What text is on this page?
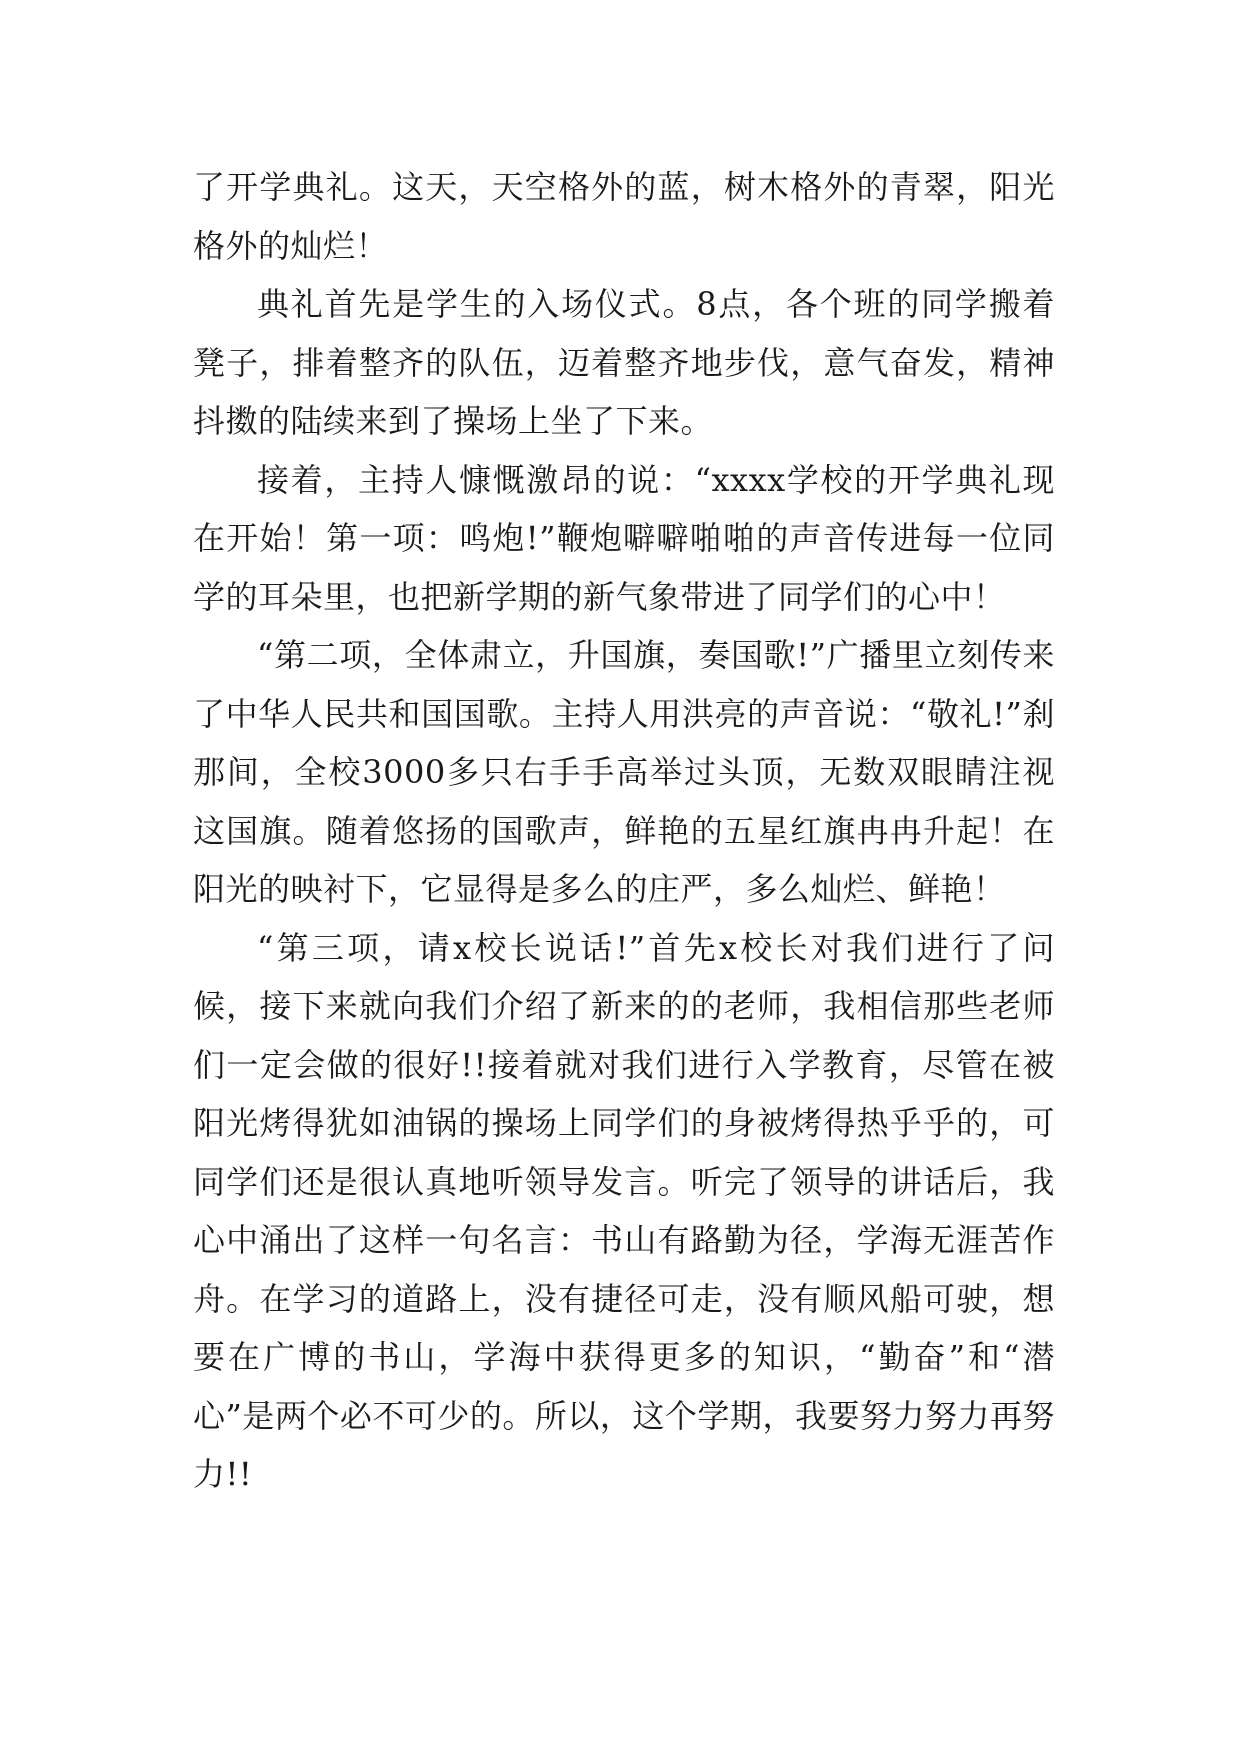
了开学典礼。这天，天空格外的蓝，树木格外的青翠，阳光格外的灿烂！

典礼首先是学生的入场仪式。8点，各个班的同学搬着凳子，排着整齐的队伍，迈着整齐地步伐，意气奋发，精神抖擞的陆续来到了操场上坐了下来。

接着，主持人慷慨激昂的说：“xxxx学校的开学典礼现在开始！第一项：鸣炮!”鞭炮噼噼啪啪的声音传进每一位同学的耳朵里，也把新学期的新气象带进了同学们的心中！

“第二项，全体肃立，升国旗，奏国歌!”广播里立刻传来了中华人民共和国国歌。主持人用洪亮的声音说：“敬礼!”刹那间，全校3000多只右手手高举过头顶，无数双眼睛注视这国旗。随着悠扬的国歌声，鲜艳的五星红旗冉冉升起！在阳光的映衬下，它显得是多么的庄严，多么灿烂、鲜艳！

“第三项，请x校长说话!”首先x校长对我们进行了问候，接下来就向我们介绍了新来的的老师，我相信那些老师们一定会做的很好!!接着就对我们进行入学教育，尽管在被阳光烤得犹如油锅的操场上同学们的身被烤得热乎乎的，可同学们还是很认真地听领导发言。听完了领导的讲话后，我心中涌出了这样一句名言：书山有路勤为径，学海无涯苦作舟。在学习的道路上，没有捷径可走，没有顺风船可驶，想要在广博的书山，学海中获得更多的知识，“勤奋”和“潜心”是两个必不可少的。所以，这个学期，我要努力努力再努力!!
